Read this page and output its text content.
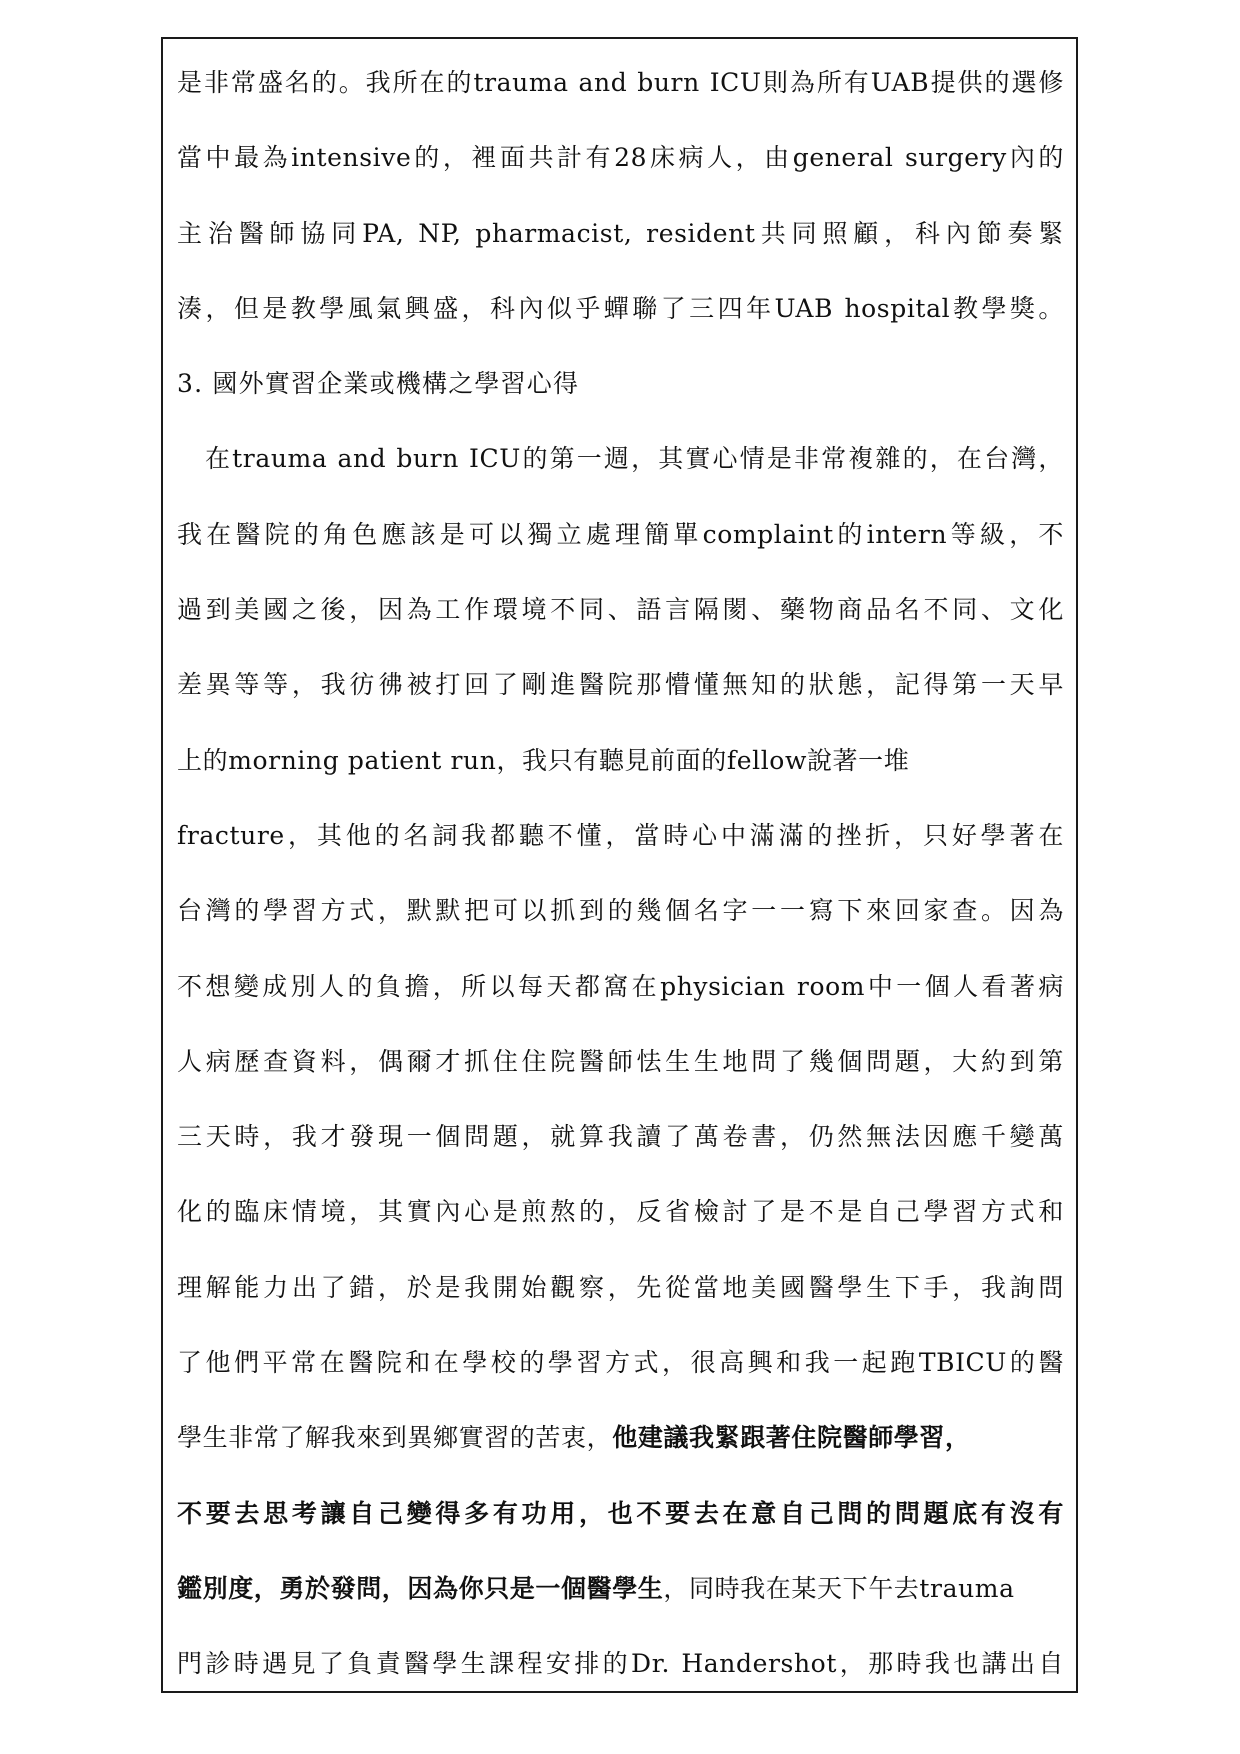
是非常盛名的。我所在的trauma and burn ICU則為所有UAB提供的選修
當中最為intensive的，裡面共計有28床病人，由general surgery內的
主治醫師協同PA, NP, pharmacist, resident共同照顧，科內節奏緊
湊，但是教學風氣興盛，科內似乎蟬聯了三四年UAB hospital教學獎。
3. 國外實習企業或機構之學習心得
在trauma and burn ICU的第一週，其實心情是非常複雜的，在台灣，
我在醫院的角色應該是可以獨立處理簡單complaint的intern等級，不
過到美國之後，因為工作環境不同、語言隔閡、藥物商品名不同、文化
差異等等，我彷彿被打回了剛進醫院那懵懂無知的狀態，記得第一天早
上的morning patient run，我只有聽見前面的fellow說著一堆
fracture，其他的名詞我都聽不懂，當時心中滿滿的挫折，只好學著在
台灣的學習方式，默默把可以抓到的幾個名字一一寫下來回家查。因為
不想變成別人的負擔，所以每天都窩在physician room中一個人看著病
人病歷查資料，偶爾才抓住住院醫師怯生生地問了幾個問題，大約到第
三天時，我才發現一個問題，就算我讀了萬卷書，仍然無法因應千變萬
化的臨床情境，其實內心是煎熬的，反省檢討了是不是自己學習方式和
理解能力出了錯，於是我開始觀察，先從當地美國醫學生下手，我詢問
了他們平常在醫院和在學校的學習方式，很高興和我一起跑TBICU的醫
學生非常了解我來到異鄉實習的苦衷，他建議我緊跟著住院醫師學習，
不要去思考讓自己變得多有功用，也不要去在意自己問的問題底有沒有
鑑別度，勇於發問，因為你只是一個醫學生，同時我在某天下午去trauma
門診時遇見了負責醫學生課程安排的Dr. Handershot，那時我也講出自
